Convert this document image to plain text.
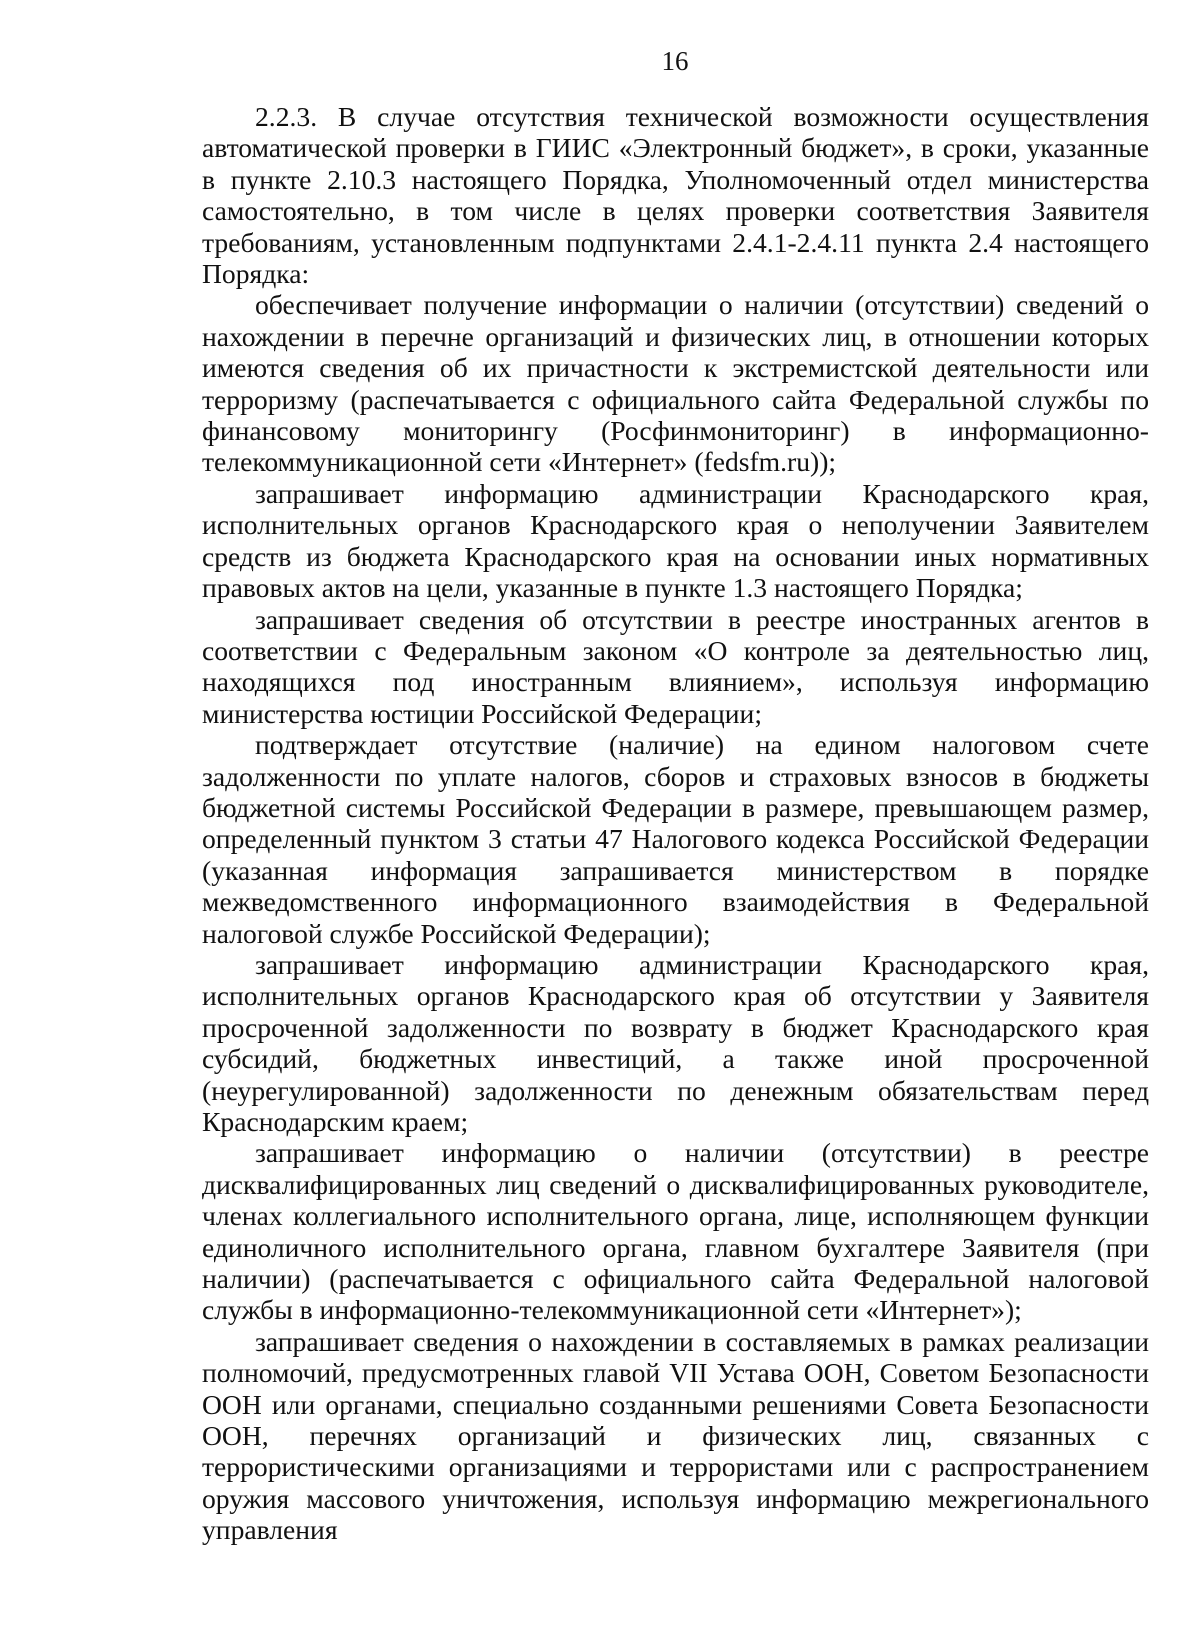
16

2.2.3. В случае отсутствия технической возможности осуществления автоматической проверки в ГИИС «Электронный бюджет», в сроки, указанные в пункте 2.10.3 настоящего Порядка, Уполномоченный отдел министерства самостоятельно, в том числе в целях проверки соответствия Заявителя требованиям, установленным подпунктами 2.4.1-2.4.11 пункта 2.4 настоящего Порядка:

обеспечивает получение информации о наличии (отсутствии) сведений о нахождении в перечне организаций и физических лиц, в отношении которых имеются сведения об их причастности к экстремистской деятельности или терроризму (распечатывается с официального сайта Федеральной службы по финансовому мониторингу (Росфинмониторинг) в информационно-телекоммуникационной сети «Интернет» (fedsfm.ru));

запрашивает информацию администрации Краснодарского края, исполнительных органов Краснодарского края о неполучении Заявителем средств из бюджета Краснодарского края на основании иных нормативных правовых актов на цели, указанные в пункте 1.3 настоящего Порядка;

запрашивает сведения об отсутствии в реестре иностранных агентов в соответствии с Федеральным законом «О контроле за деятельностью лиц, находящихся под иностранным влиянием», используя информацию министерства юстиции Российской Федерации;

подтверждает отсутствие (наличие) на едином налоговом счете задолженности по уплате налогов, сборов и страховых взносов в бюджеты бюджетной системы Российской Федерации в размере, превышающем размер, определенный пунктом 3 статьи 47 Налогового кодекса Российской Федерации (указанная информация запрашивается министерством в порядке межведомственного информационного взаимодействия в Федеральной налоговой службе Российской Федерации);

запрашивает информацию администрации Краснодарского края, исполнительных органов Краснодарского края об отсутствии у Заявителя просроченной задолженности по возврату в бюджет Краснодарского края субсидий, бюджетных инвестиций, а также иной просроченной (неурегулированной) задолженности по денежным обязательствам перед Краснодарским краем;

запрашивает информацию о наличии (отсутствии) в реестре дисквалифицированных лиц сведений о дисквалифицированных руководителе, членах коллегиального исполнительного органа, лице, исполняющем функции единоличного исполнительного органа, главном бухгалтере Заявителя (при наличии) (распечатывается с официального сайта Федеральной налоговой службы в информационно-телекоммуникационной сети «Интернет»);

запрашивает сведения о нахождении в составляемых в рамках реализации полномочий, предусмотренных главой VII Устава ООН, Советом Безопасности ООН или органами, специально созданными решениями Совета Безопасности ООН, перечнях организаций и физических лиц, связанных с террористическими организациями и террористами или с распространением оружия массового уничтожения, используя информацию межрегионального управления
